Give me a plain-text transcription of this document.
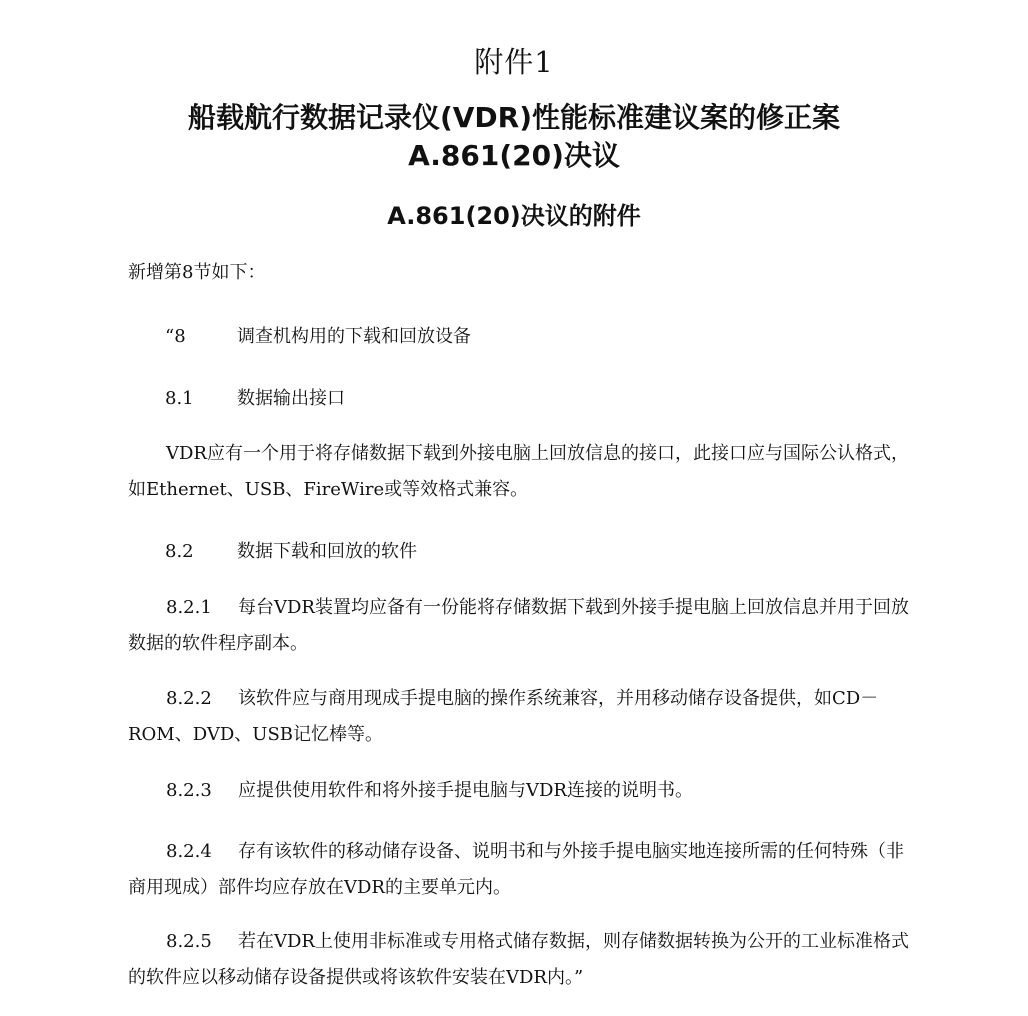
附件1
船载航行数据记录仪(VDR)性能标准建议案的修正案
A.861(20)决议
A.861(20)决议的附件
新增第8节如下：
“8	调查机构用的下载和回放设备
8.1 数据输出接口
VDR应有一个用于将存储数据下载到外接电脑上回放信息的接口，此接口应与国际公认格式，如Ethernet、USB、FireWire或等效格式兼容。
8.2 数据下载和回放的软件
8.2.1 每台VDR装置均应备有一份能将存储数据下载到外接手提电脑上回放信息并用于回放数据的软件程序副本。
8.2.2 该软件应与商用现成手提电脑的操作系统兼容，并用移动储存设备提供，如CD－ROM、DVD、USB记忆棒等。
8.2.3 应提供使用软件和将外接手提电脑与VDR连接的说明书。
8.2.4 存有该软件的移动储存设备、说明书和与外接手提电脑实地连接所需的任何特殊（非商用现成）部件均应存放在VDR的主要单元内。
8.2.5 若在VDR上使用非标准或专用格式储存数据，则存储数据转换为公开的工业标准格式的软件应以移动储存设备提供或将该软件安装在VDR内。”
